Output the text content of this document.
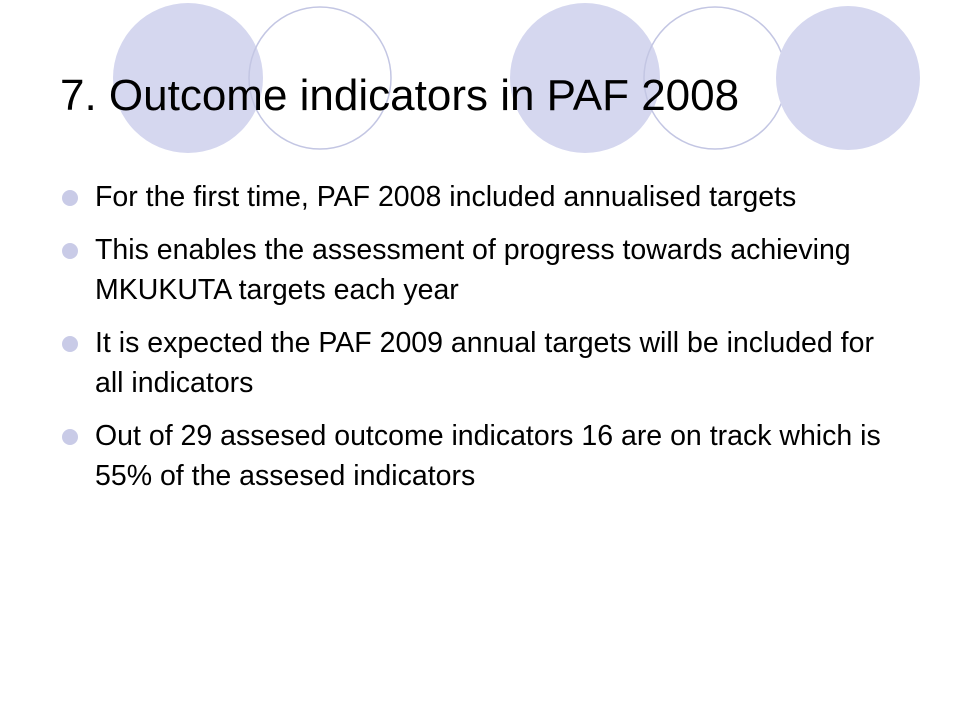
7. Outcome indicators in PAF 2008
For the first time, PAF 2008 included annualised targets
This enables the assessment of progress towards achieving MKUKUTA targets each year
It is expected the PAF 2009 annual targets will be included for all indicators
Out of 29 assesed outcome indicators 16 are on track which is 55% of the assesed indicators
